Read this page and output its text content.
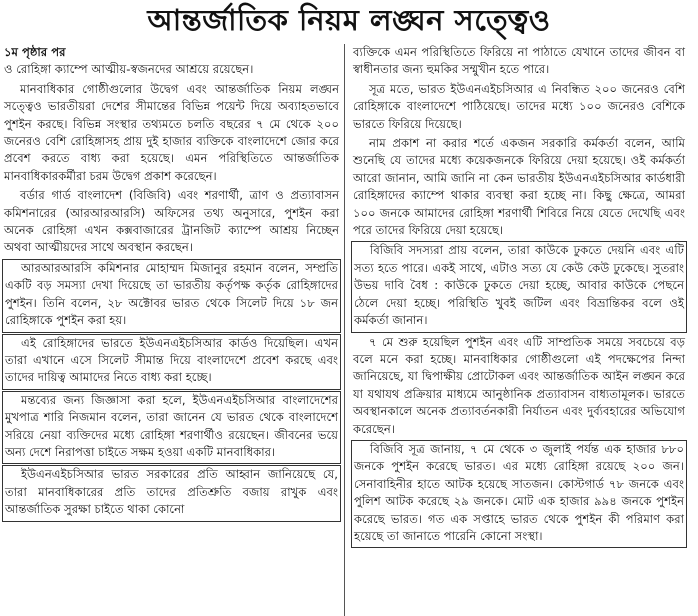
আন্তর্জাতিক নিয়ম লঙ্ঘন সত্ত্বেও

১ম পৃষ্ঠার পর

ও রোহিঙ্গা ক্যাম্পে আত্মীয়-স্বজনদের আশ্রয়ে রয়েছেন।

মানবাধিকার গোষ্ঠীগুলোর উদ্বেগ এবং আন্তর্জাতিক নিয়ম লঙ্ঘন সত্ত্বেও ভারতীয়রা দেশের সীমান্তের বিভিন্ন পয়েন্ট দিয়ে অব্যাহতভাবে পুশইন করছে। বিভিন্ন সংস্থার তথ্যমতে চলতি বছরের ৭ মে থেকে ২০০ জনেরও বেশি রোহিঙ্গাসহ প্রায় দুই হাজার ব্যক্তিকে বাংলাদেশে জোর করে প্রবেশ করতে বাধ্য করা হয়েছে। এমন পরিস্থিতিতে আন্তর্জাতিক মানবাধিকারকর্মীরা চরম উদ্বেগ প্রকাশ করেছেন।

বর্ডার গার্ড বাংলাদেশ (বিজিবি) এবং শরণার্থী, ত্রাণ ও প্রত্যাবাসন কমিশনারের (আরআরআরসি) অফিসের তথ্য অনুসারে, পুশইন করা অনেক রোহিঙ্গা এখন কক্সবাজারের ট্রানজিট ক্যাম্পে আশ্রয় নিচ্ছেন অথবা আত্মীয়দের সাথে অবস্থান করছেন।

আরআরআরসি কমিশনার মোহাম্মদ মিজানুর রহমান বলেন, সম্প্রতি একটি বড় সমস্যা দেখা দিয়েছে তা ভারতীয় কর্তৃপক্ষ কর্তৃক রোহিঙ্গাদের পুশইন। তিনি বলেন, ২৮ অক্টোবর ভারত থেকে সিলেট দিয়ে ১৮ জন রোহিঙ্গাকে পুশইন করা হয়।

এই রোহিঙ্গাদের ভারতে ইউএনএইচসিআর কার্ডও দিয়েছিল। এখন তারা এখানে এসে সিলেট সীমান্ত দিয়ে বাংলাদেশে প্রবেশ করছে এবং তাদের দায়িত্ব আমাদের নিতে বাধ্য করা হচ্ছে।

মন্তব্যের জন্য জিজ্ঞাসা করা হলে, ইউএনএইচসিআর বাংলাদেশের মুখপাত্র শারি নিজমান বলেন, তারা জানেন যে ভারত থেকে বাংলাদেশে সরিয়ে নেয়া ব্যক্তিদের মধ্যে রোহিঙ্গা শরণার্থীও রয়েছেন। জীবনের ভয়ে অন্য দেশে নিরাপত্তা চাইতে সক্ষম হওয়া একটি মানবাধিকার।

ইউএনএইচসিআর ভারত সরকারের প্রতি আহ্বান জানিয়েছে যে, তারা মানবাধিকারের প্রতি তাদের প্রতিশ্রুতি বজায় রাখুক এবং আন্তর্জাতিক সুরক্ষা চাইতে থাকা কোনো

ব্যক্তিকে এমন পরিস্থিতিতে ফিরিয়ে না পাঠাতে যেখানে তাদের জীবন বা স্বাধীনতার জন্য হুমকির সম্মুখীন হতে পারে।

সূত্র মতে, ভারত ইউএনএইচসিআর এ নিবন্ধিত ২০০ জনেরও বেশি রোহিঙ্গাকে বাংলাদেশে পাঠিয়েছে। তাদের মধ্যে ১০০ জনেরও বেশিকে ভারতে ফিরিয়ে দিয়েছে।

নাম প্রকাশ না করার শর্তে একজন সরকারি কর্মকর্তা বলেন, আমি শুনেছি যে তাদের মধ্যে কয়েকজনকে ফিরিয়ে দেয়া হয়েছে। ওই কর্মকর্তা আরো জানান, আমি জানি না কেন ভারতীয় ইউএনএইচসিআর কার্ডধারী রোহিঙ্গাদের ক্যাম্পে থাকার ব্যবস্থা করা হচ্ছে না। কিছু ক্ষেত্রে, আমরা ১০০ জনকে আমাদের রোহিঙ্গা শরণার্থী শিবিরে নিয়ে যেতে দেখেছি এবং পরে তাদের ফিরিয়ে দেয়া হয়েছে।

বিজিবি সদস্যরা প্রায় বলেন, তারা কাউকে ঢুকতে দেয়নি এবং এটি সত্য হতে পারে। একই সাথে, এটাও সত্য যে কেউ কেউ ঢুকেছে। সুতরাং উভয় দাবি বৈধ : কাউকে ঢুকতে দেয়া হচ্ছে, আবার কাউকে পেছনে ঠেলে দেয়া হচ্ছে। পরিস্থিতি খুবই জটিল এবং বিভ্রান্তিকর বলে ওই কর্মকর্তা জানান।

৭ মে শুরু হয়েছিল পুশইন এবং এটি সাম্প্রতিক সময়ে সবচেয়ে বড় বলে মনে করা হচ্ছে। মানবাধিকার গোষ্ঠীগুলো এই পদক্ষেপের নিন্দা জানিয়েছে, যা দ্বিপাক্ষীয় প্রোটোকল এবং আন্তর্জাতিক আইন লঙ্ঘন করে যা যথাযথ প্রক্রিয়ার মাধ্যমে আনুষ্ঠানিক প্রত্যাবাসন বাধ্যতামূলক। ভারতে অবস্থানকালে অনেক প্রত্যাবর্তনকারী নির্যাতন এবং দুর্ব্যবহারের অভিযোগ করেছেন।

বিজিবি সূত্র জানায়, ৭ মে থেকে ৩ জুলাই পর্যন্ত এক হাজার ৮৮০ জনকে পুশইন করেছে ভারত। এর মধ্যে রোহিঙ্গা রয়েছে ২০০ জন। সেনাবাহিনীর হাতে আটক হয়েছে সাতজন। কোস্টগার্ড ৭৮ জনকে এবং পুলিশ আটক করেছে ২৯ জনকে। মোট এক হাজার ৯৯৪ জনকে পুশইন করেছে ভারত। গত এক সপ্তাহে ভারত থেকে পুশইন কী পরিমাণ করা হয়েছে তা জানাতে পারেনি কোনো সংস্থা।
